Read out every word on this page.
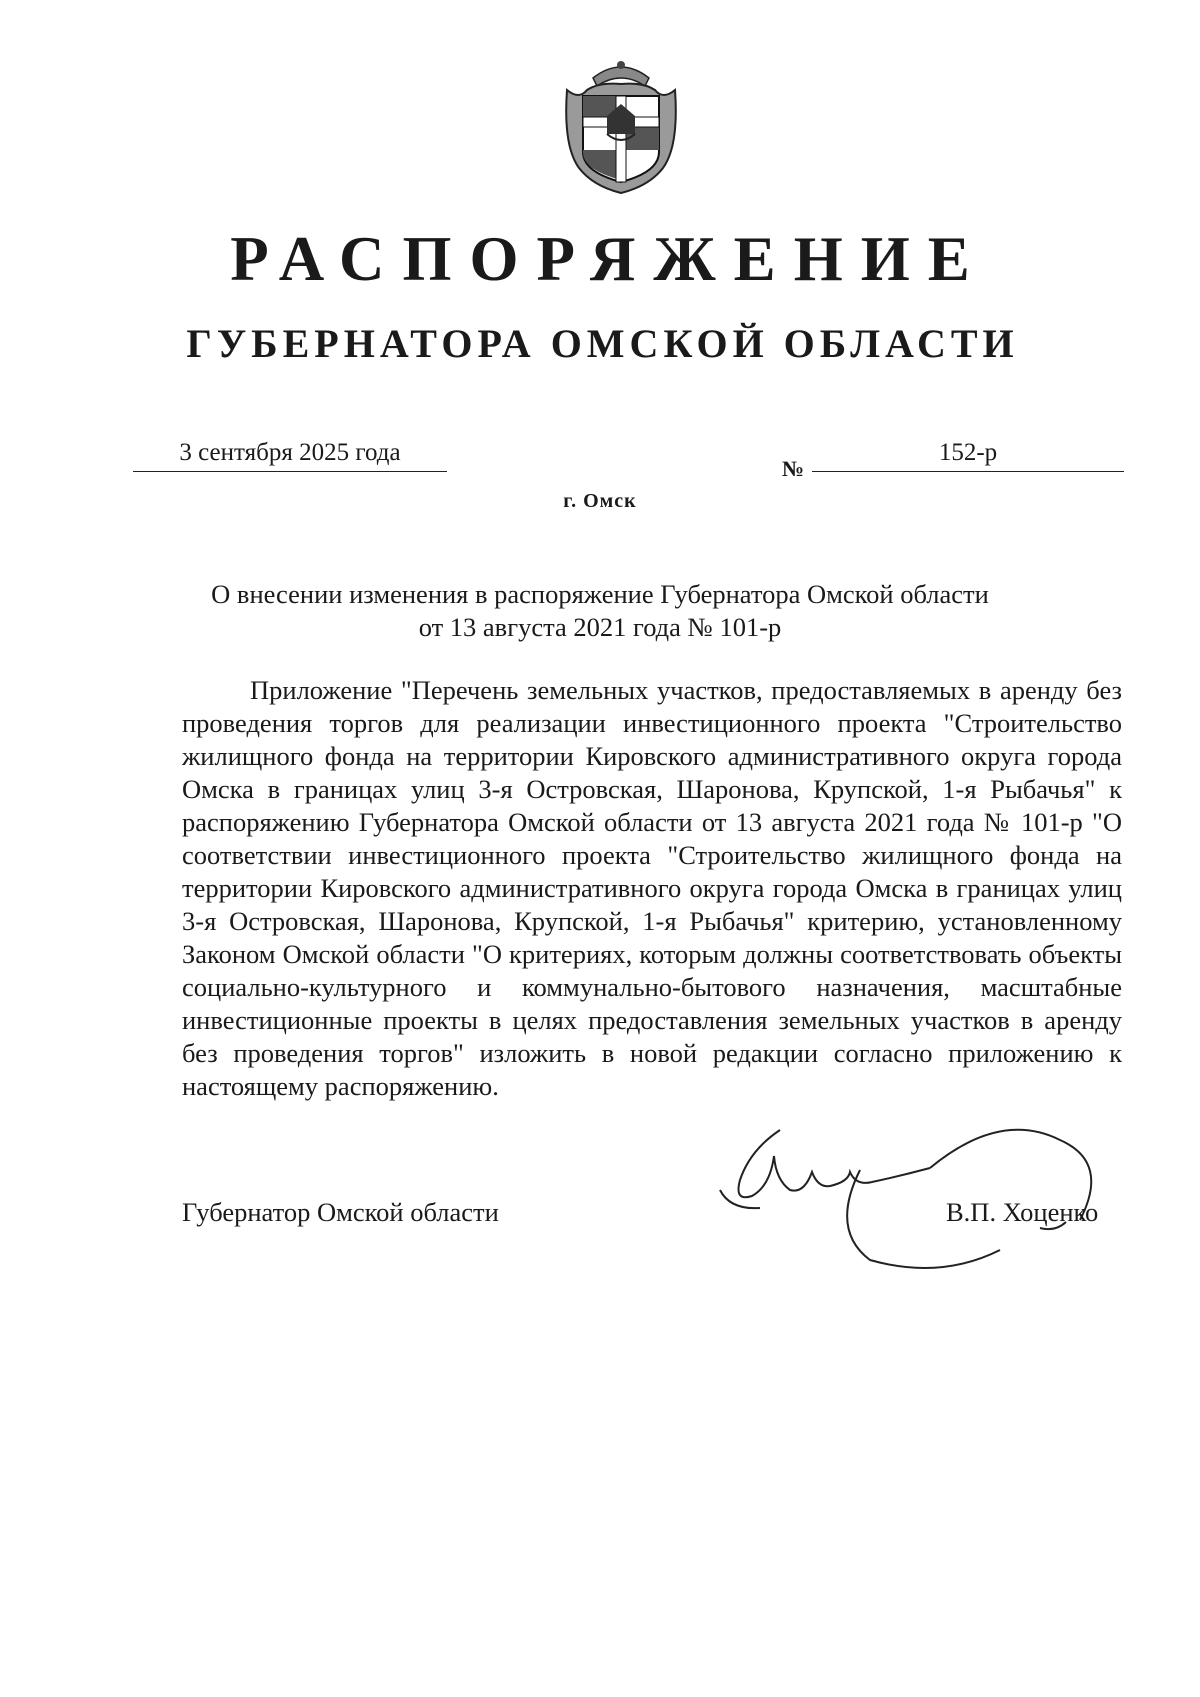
РАСПОРЯЖЕНИЕ
ГУБЕРНАТОРА ОМСКОЙ ОБЛАСТИ
3 сентября 2025 года
№
152-р
г. Омск
О внесении изменения в распоряжение Губернатора Омской области
от 13 августа 2021 года № 101-р

Приложение "Перечень земельных участков, предоставляемых в аренду без проведения торгов для реализации инвестиционного проекта "Строительство жилищного фонда на территории Кировского административного округа города Омска в границах улиц 3-я Островская, Шаронова, Крупской, 1-я Рыбачья" к распоряжению Губернатора Омской области от 13 августа 2021 года № 101-р "О соответствии инвестиционного проекта "Строительство жилищного фонда на территории Кировского административного округа города Омска в границах улиц 3-я Островская, Шаронова, Крупской, 1-я Рыбачья" критерию, установленному Законом Омской области "О критериях, которым должны соответствовать объекты социально-культурного и коммунально-бытового назначения, масштабные инвестиционные проекты в целях предоставления земельных участков в аренду без проведения торгов" изложить в новой редакции согласно приложению к настоящему распоряжению.

Губернатор Омской области	В.П. Хоценко
